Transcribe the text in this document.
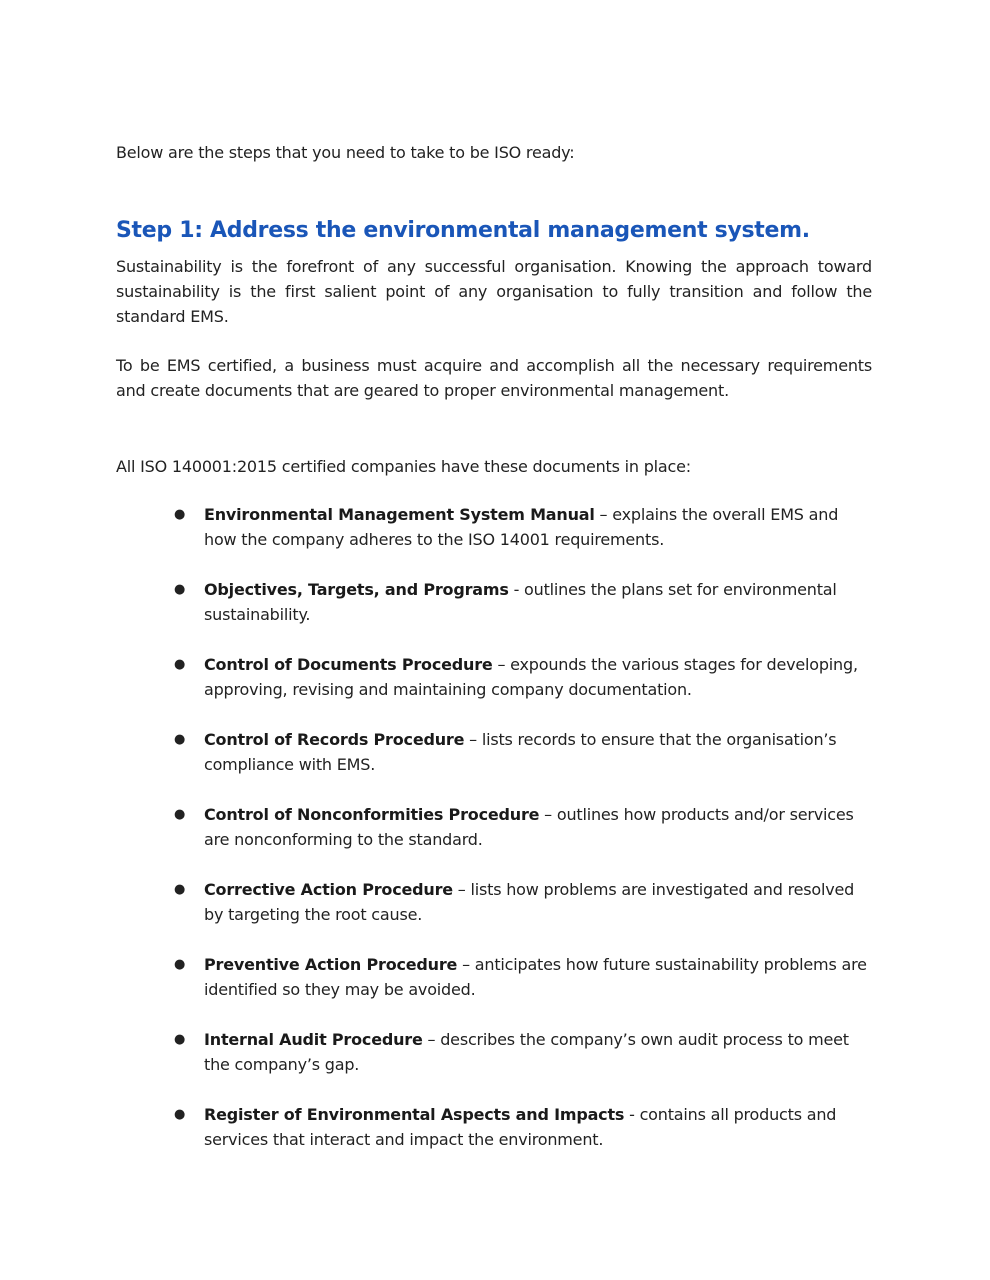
Below are the steps that you need to take to be ISO ready:

Step 1: Address the environmental management system.

Sustainability is the forefront of any successful organisation. Knowing the approach toward sustainability is the first salient point of any organisation to fully transition and follow the standard EMS.

To be EMS certified, a business must acquire and accomplish all the necessary requirements and create documents that are geared to proper environmental management.

All ISO 140001:2015 certified companies have these documents in place:

● Environmental Management System Manual – explains the overall EMS and how the company adheres to the ISO 14001 requirements.
● Objectives, Targets, and Programs - outlines the plans set for environmental sustainability.
● Control of Documents Procedure – expounds the various stages for developing, approving, revising and maintaining company documentation.
● Control of Records Procedure – lists records to ensure that the organisation’s compliance with EMS.
● Control of Nonconformities Procedure – outlines how products and/or services are nonconforming to the standard.
● Corrective Action Procedure – lists how problems are investigated and resolved by targeting the root cause.
● Preventive Action Procedure – anticipates how future sustainability problems are identified so they may be avoided.
● Internal Audit Procedure – describes the company’s own audit process to meet the company’s gap.
● Register of Environmental Aspects and Impacts - contains all products and services that interact and impact the environment.
